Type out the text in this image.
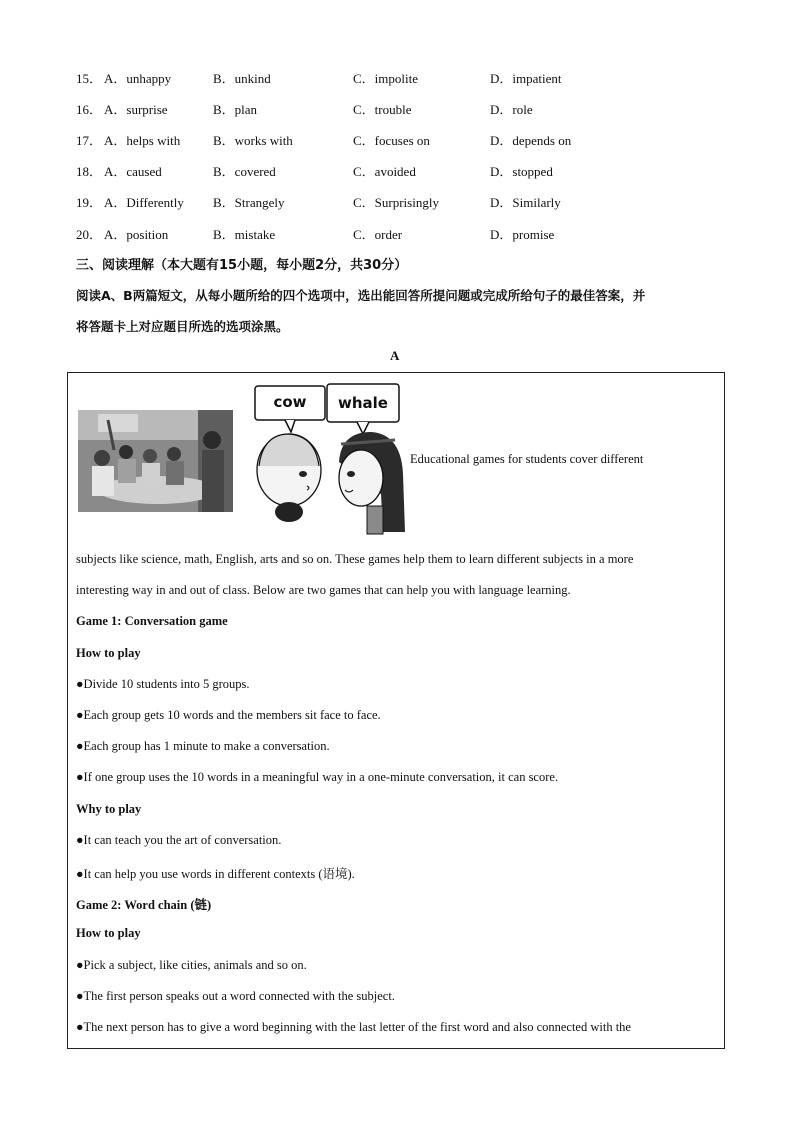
15． A．unhappy	B．unkind	C．impolite	D．impatient
16． A．surprise	B．plan	C．trouble	D．role
17． A．helps with	B．works with	C．focuses on	D．depends on
18． A．caused	B．covered	C．avoided	D．stopped
19． A．Differently B．Strangely	C．Surprisingly	D．Similarly
20． A．position	B．mistake	C．order	D．promise
三、阅读理解（本大题有15小题，每小题2分，共30分）
阅读A、B两篇短文，从每小题所给的四个选项中，选出能回答所提问题或完成所给句子的最佳答案，并
将答题卡上对应题目所选的选项涂黑。
A
cow	whale
Educational games for students cover different
subjects like science, math, English, arts and so on. These games help them to learn different subjects in a more
interesting way in and out of class. Below are two games that can help you with language learning.
Game 1: Conversation game
How to play
●Divide 10 students into 5 groups.
●Each group gets 10 words and the members sit face to face.
●Each group has 1 minute to make a conversation.
●If one group uses the 10 words in a meaningful way in a one-minute conversation, it can score.
Why to play
●It can teach you the art of conversation.
●It can help you use words in different contexts (语境).
Game 2: Word chain (链)
How to play
●Pick a subject, like cities, animals and so on.
●The first person speaks out a word connected with the subject.
●The next person has to give a word beginning with the last letter of the first word and also connected with the
